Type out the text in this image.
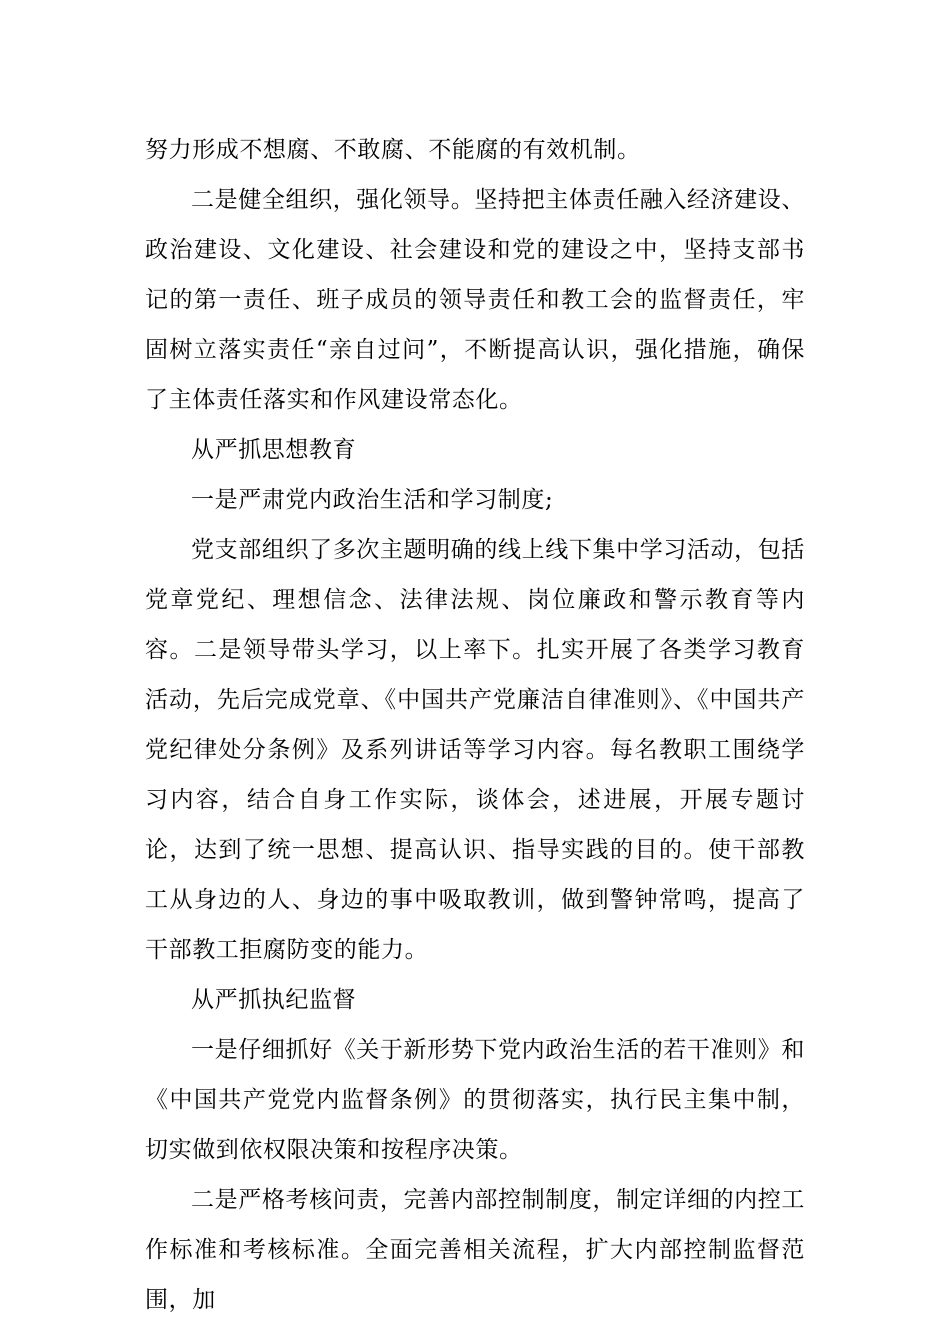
努力形成不想腐、不敢腐、不能腐的有效机制。

二是健全组织，强化领导。坚持把主体责任融入经济建设、政治建设、文化建设、社会建设和党的建设之中，坚持支部书记的第一责任、班子成员的领导责任和教工会的监督责任，牢固树立落实责任“亲自过问”，不断提高认识，强化措施，确保了主体责任落实和作风建设常态化。

从严抓思想教育

一是严肃党内政治生活和学习制度;

党支部组织了多次主题明确的线上线下集中学习活动，包括党章党纪、理想信念、法律法规、岗位廉政和警示教育等内容。二是领导带头学习，以上率下。扎实开展了各类学习教育活动，先后完成党章、《中国共产党廉洁自律准则》、《中国共产党纪律处分条例》及系列讲话等学习内容。每名教职工围绕学习内容，结合自身工作实际，谈体会，述进展，开展专题讨论，达到了统一思想、提高认识、指导实践的目的。使干部教工从身边的人、身边的事中吸取教训，做到警钟常鸣，提高了干部教工拒腐防变的能力。

从严抓执纪监督

一是仔细抓好《关于新形势下党内政治生活的若干准则》和《中国共产党党内监督条例》的贯彻落实，执行民主集中制，切实做到依权限决策和按程序决策。

二是严格考核问责，完善内部控制制度，制定详细的内控工作标准和考核标准。全面完善相关流程，扩大内部控制监督范围，加
